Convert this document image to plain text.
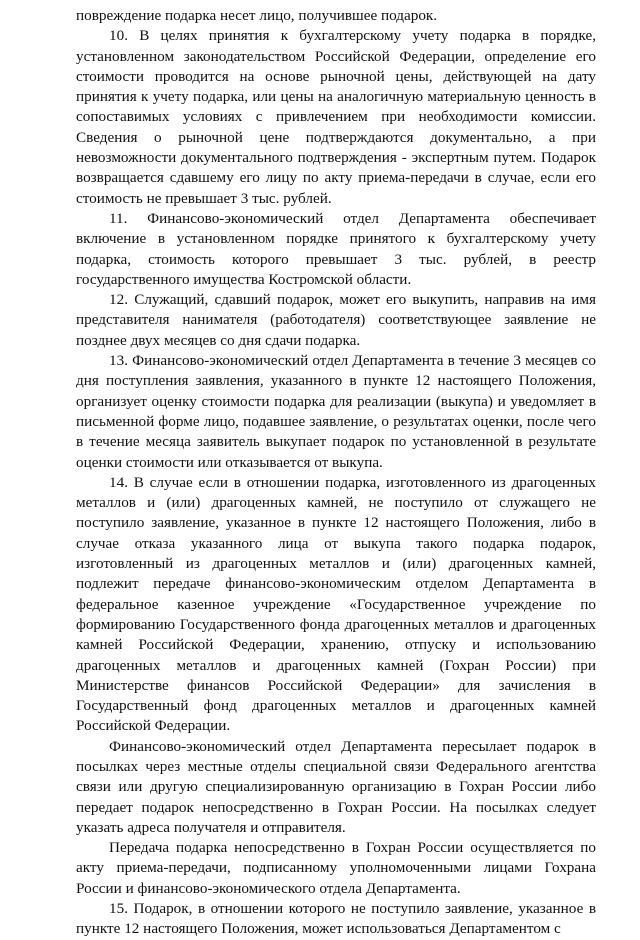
повреждение подарка несет лицо, получившее подарок.

10. В целях принятия к бухгалтерскому учету подарка в порядке, установленном законодательством Российской Федерации, определение его стоимости проводится на основе рыночной цены, действующей на дату принятия к учету подарка, или цены на аналогичную материальную ценность в сопоставимых условиях с привлечением при необходимости комиссии. Сведения о рыночной цене подтверждаются документально, а при невозможности документального подтверждения - экспертным путем. Подарок возвращается сдавшему его лицу по акту приема-передачи в случае, если его стоимость не превышает 3 тыс. рублей.

11. Финансово-экономический отдел Департамента обеспечивает включение в установленном порядке принятого к бухгалтерскому учету подарка, стоимость которого превышает 3 тыс. рублей, в реестр государственного имущества Костромской области.

12. Служащий, сдавший подарок, может его выкупить, направив на имя представителя нанимателя (работодателя) соответствующее заявление не позднее двух месяцев со дня сдачи подарка.

13. Финансово-экономический отдел Департамента в течение 3 месяцев со дня поступления заявления, указанного в пункте 12 настоящего Положения, организует оценку стоимости подарка для реализации (выкупа) и уведомляет в письменной форме лицо, подавшее заявление, о результатах оценки, после чего в течение месяца заявитель выкупает подарок по установленной в результате оценки стоимости или отказывается от выкупа.

14. В случае если в отношении подарка, изготовленного из драгоценных металлов и (или) драгоценных камней, не поступило от служащего не поступило заявление, указанное в пункте 12 настоящего Положения, либо в случае отказа указанного лица от выкупа такого подарка подарок, изготовленный из драгоценных металлов и (или) драгоценных камней, подлежит передаче финансово-экономическим отделом Департамента в федеральное казенное учреждение «Государственное учреждение по формированию Государственного фонда драгоценных металлов и драгоценных камней Российской Федерации, хранению, отпуску и использованию драгоценных металлов и драгоценных камней (Гохран России) при Министерстве финансов Российской Федерации» для зачисления в Государственный фонд драгоценных металлов и драгоценных камней Российской Федерации.

Финансово-экономический отдел Департамента пересылает подарок в посылках через местные отделы специальной связи Федерального агентства связи или другую специализированную организацию в Гохран России либо передает подарок непосредственно в Гохран России. На посылках следует указать адреса получателя и отправителя.

Передача подарка непосредственно в Гохран России осуществляется по акту приема-передачи, подписанному уполномоченными лицами Гохрана России и финансово-экономического отдела Департамента.

15. Подарок, в отношении которого не поступило заявление, указанное в пункте 12 настоящего Положения, может использоваться Департаментом с
